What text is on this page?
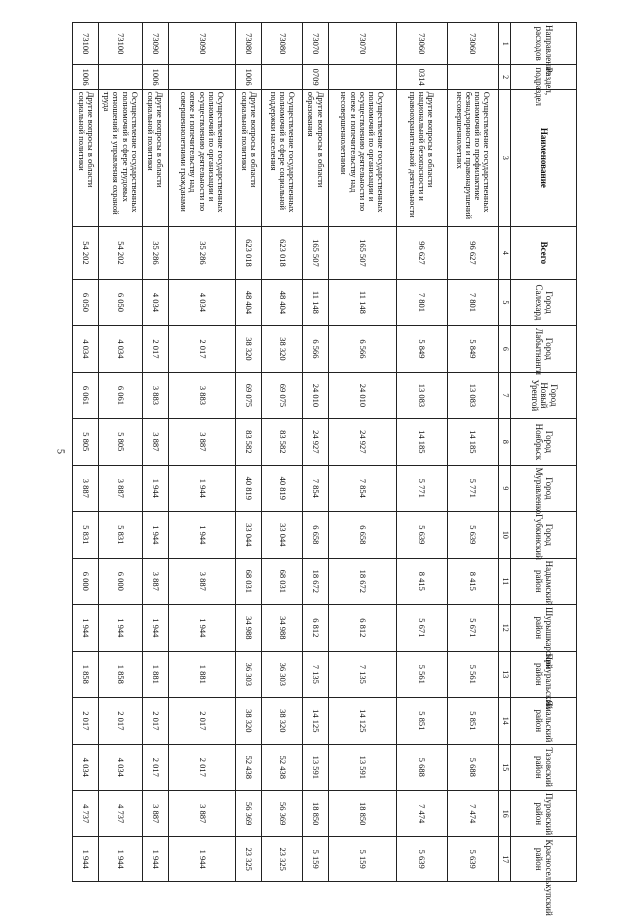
5
Направление расходов	Раздел, подраздел	Наименование	Всего	Город Салехард	Город Лабытнанги	Город Новый Уренгой	Город Ноябрьск	Город Муравленко	Город Губкинский	Надымский район	Шурышкарский район	Приуральский район	Ямальский район	Тазовский район	Пуровский район	Красноселькупский район
1	2	3	4	5	6	7	8	9	10	11	12	13	14	15	16	17
73060		Осуществление государственных полномочий по профилактике безнадзорности и правонарушений несовершеннолетних	96 627	7 801	5 849	13 083	14 185	5 771	5 639	8 415	5 671	5 561	5 851	5 688	7 474	5 639
73060	0314	Другие вопросы в области национальной безопасности и правоохранительной деятельности	96 627	7 801	5 849	13 083	14 185	5 771	5 639	8 415	5 671	5 561	5 851	5 688	7 474	5 639
73070		Осуществление государственных полномочий по организации и осуществлению деятельности по опеке и попечительству над несовершеннолетними	165 507	11 148	6 566	24 010	24 927	7 854	6 658	18 672	6 812	7 135	14 125	13 591	18 850	5 159
73070	0709	Другие вопросы в области образования	165 507	11 148	6 566	24 010	24 927	7 854	6 658	18 672	6 812	7 135	14 125	13 591	18 850	5 159
73080		Осуществление государственных полномочий в сфере социальной поддержки населения	623 018	48 404	38 320	69 075	83 582	40 819	33 044	68 031	34 988	36 303	38 320	52 438	56 369	23 325
73080	1006	Другие вопросы в области социальной политики	623 018	48 404	38 320	69 075	83 582	40 819	33 044	68 031	34 988	36 303	38 320	52 438	56 369	23 325
73090		Осуществление государственных полномочий по организации и осуществлению деятельности по опеке и попечительству над совершеннолетними гражданами	35 286	4 034	2 017	3 883	3 887	1 944	1 944	3 887	1 944	1 881	2 017	2 017	3 887	1 944
73090	1006	Другие вопросы в области социальной политики	35 286	4 034	2 017	3 883	3 887	1 944	1 944	3 887	1 944	1 881	2 017	2 017	3 887	1 944
73100		Осуществление государственных полномочий в сфере трудовых отношений и управления охраной труда	54 202	6 050	4 034	6 061	5 805	3 887	5 831	6 000	1 944	1 858	2 017	4 034	4 737	1 944
73100	1006	Другие вопросы в области социальной политики	54 202	6 050	4 034	6 061	5 805	3 887	5 831	6 000	1 944	1 858	2 017	4 034	4 737	1 944
